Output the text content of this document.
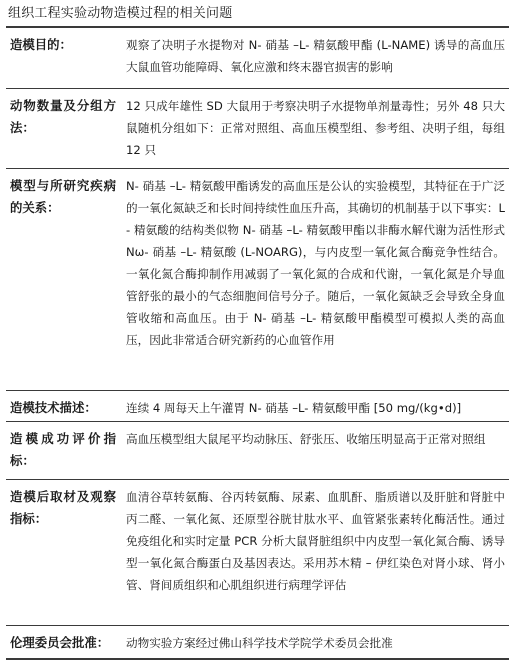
组织工程实验动物造模过程的相关问题
造模目的：	观察了决明子水提物对 N- 硝基 –L- 精氨酸甲酯 (L-NAME) 诱导的高血压大鼠血管功能障碍、氧化应激和终末器官损害的影响
动物数量及分组方法：
12 只成年雄性 SD 大鼠用于考察决明子水提物单剂量毒性；另外 48 只大鼠随机分组如下：正常对照组、高血压模型组、参考组、决明子组，每组 12 只
模型与所研究疾病的关系：
N- 硝基 –L- 精氨酸甲酯诱发的高血压是公认的实验模型，其特征在于广泛的一氧化氮缺乏和长时间持续性血压升高，其确切的机制基于以下事实：L- 精氨酸的结构类似物 N- 硝基 –L- 精氨酸甲酯以非酶水解代谢为活性形式 Nω- 硝基 –L- 精氨酸 (L-NOARG)，与内皮型一氧化氮合酶竞争性结合。一氧化氮合酶抑制作用减弱了一氧化氮的合成和代谢，一氧化氮是介导血管舒张的最小的气态细胞间信号分子。随后，一氧化氮缺乏会导致全身血管收缩和高血压。由于 N- 硝基 –L- 精氨酸甲酯模型可模拟人类的高血压，因此非常适合研究新药的心血管作用
造模技术描述：	连续 4 周每天上午灌胃 N- 硝基 –L- 精氨酸甲酯 [50 mg/(kg•d)]
造模成功评价指标：
高血压模型组大鼠尾平均动脉压、舒张压、收缩压明显高于正常对照组
造模后取材及观察指标：
血清谷草转氨酶、谷丙转氨酶、尿素、血肌酐、脂质谱以及肝脏和肾脏中丙二醛、一氧化氮、还原型谷胱甘肽水平、血管紧张素转化酶活性。通过免疫组化和实时定量 PCR 分析大鼠肾脏组织中内皮型一氧化氮合酶、诱导型一氧化氮合酶蛋白及基因表达。采用苏木精 – 伊红染色对肾小球、肾小管、肾间质组织和心肌组织进行病理学评估
伦理委员会批准：	动物实验方案经过佛山科学技术学院学术委员会批准
